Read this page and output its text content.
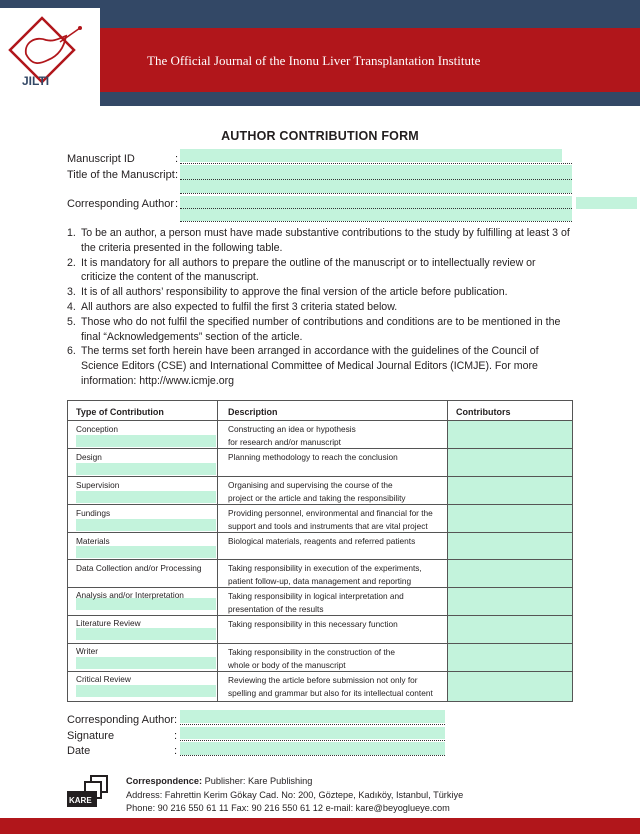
JILTI
The Official Journal of the Inonu Liver Transplantation Institute
AUTHOR CONTRIBUTION FORM
Manuscript ID	:
Title of the Manuscript :
Corresponding Author :
1. To be an author, a person must have made substantive contributions to the study by fulfilling at least 3 of the criteria presented in the following table.
2. It is mandatory for all authors to prepare the outline of the manuscript or to intellectually review or criticize the content of the manuscript.
3. It is of all authors’ responsibility to approve the final version of the article before publication.
4. All authors are also expected to fulfil the first 3 criteria stated below.
5. Those who do not fulfil the specified number of contributions and conditions are to be mentioned in the final “Acknowledgements” section of the article.
6. The terms set forth herein have been arranged in accordance with the guidelines of the Council of Science Editors (CSE) and International Committee of Medical Journal Editors (ICMJE). For more information: http://www.icmje.org
Type of Contribution	Description	Contributors
Conception	Constructing an idea or hypothesis
for research and/or manuscript
Design	Planning methodology to reach the conclusion
Supervision	Organising and supervising the course of the
project or the article and taking the responsibility
Fundings	Providing personnel, environmental and financial for the
support and tools and instruments that are vital project
Materials	Biological materials, reagents and referred patients
Data Collection and/or Processing	Taking responsibility in execution of the experiments,
patient follow-up, data management and reporting
Analysis and/or Interpretation	Taking responsibility in logical interpretation and
presentation of the results
Literature Review	Taking responsibility in this necessary function
Writer	Taking responsibility in the construction of the
whole or body of the manuscript
Critical Review	Reviewing the article before submission not only for
spelling and grammar but also for its intellectual content
Corresponding Author :
Signature	:
Date	:
KARE
Correspondence: Publisher: Kare Publishing
Address: Fahrettin Kerim Gökay Cad. No: 200, Göztepe, Kadıköy, Istanbul, Türkiye
Phone: 90 216 550 61 11 Fax: 90 216 550 61 12 e-mail: kare@beyoglueye.com
